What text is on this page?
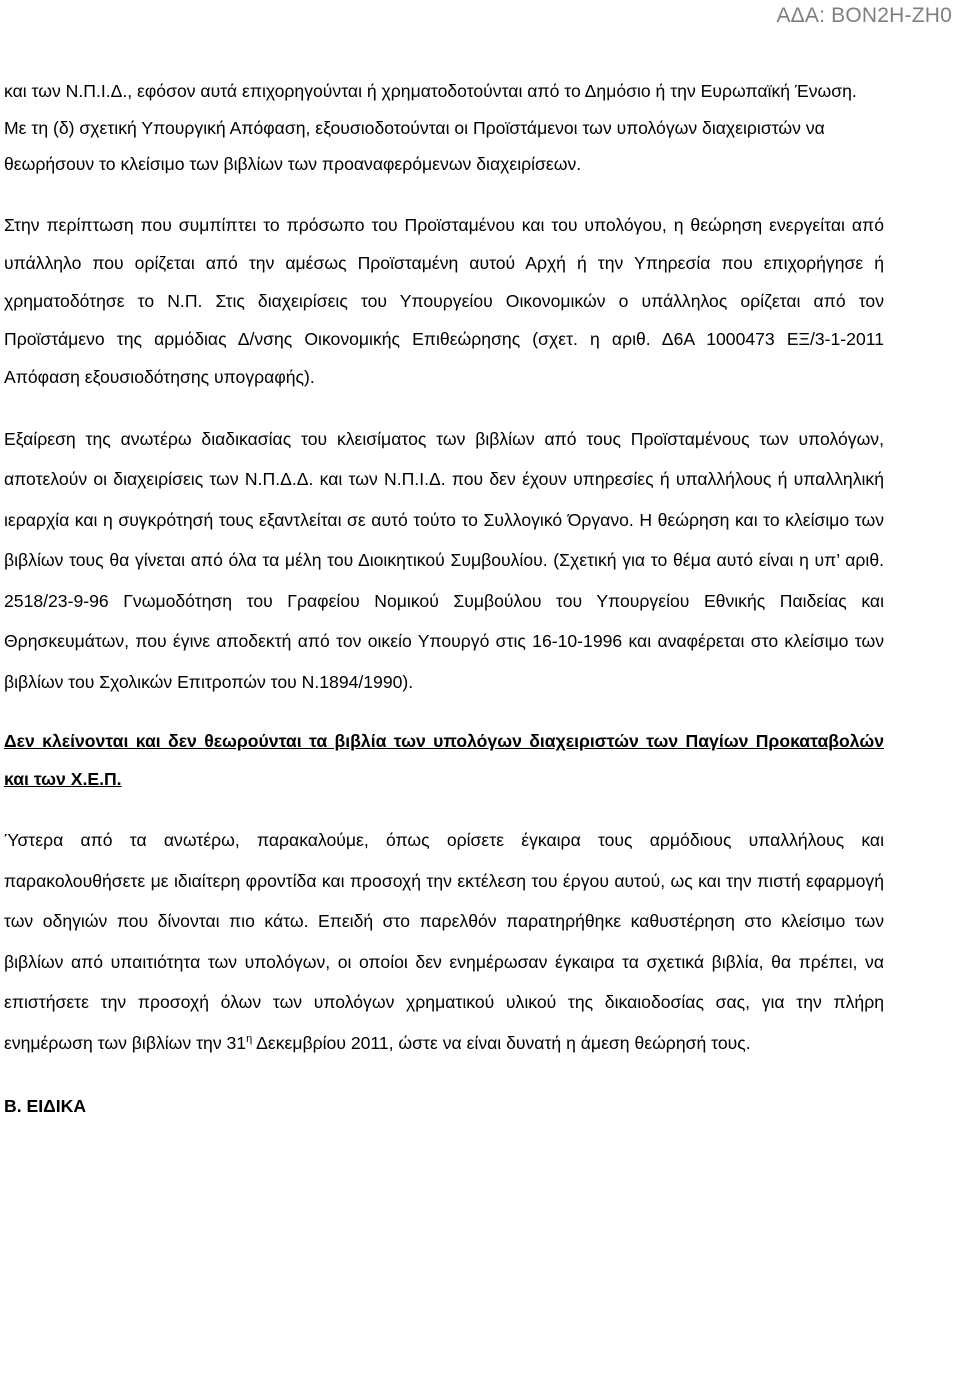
ΑΔΑ: ΒΟΝ2Η-ΖΗ0

και των Ν.Π.Ι.Δ., εφόσον αυτά επιχορηγούνται ή χρηματοδοτούνται από το Δημόσιο ή την Ευρωπαϊκή Ένωση.

Με τη (δ) σχετική Υπουργική Απόφαση, εξουσιοδοτούνται οι Προϊστάμενοι των υπολόγων διαχειριστών να θεωρήσουν το κλείσιμο των βιβλίων των προαναφερόμενων διαχειρίσεων.

Στην περίπτωση που συμπίπτει το πρόσωπο του Προϊσταμένου και του υπολόγου, η θεώρηση ενεργείται από υπάλληλο που ορίζεται από την αμέσως Προϊσταμένη αυτού Αρχή ή την Υπηρεσία που επιχορήγησε ή χρηματοδότησε το Ν.Π. Στις διαχειρίσεις του Υπουργείου Οικονομικών ο υπάλληλος ορίζεται από τον Προϊστάμενο της αρμόδιας Δ/νσης Οικονομικής Επιθεώρησης (σχετ. η αριθ. Δ6Α 1000473 ΕΞ/3-1-2011 Απόφαση εξουσιοδότησης υπογραφής).

Εξαίρεση της ανωτέρω διαδικασίας του κλεισίματος των βιβλίων από τους Προϊσταμένους των υπολόγων, αποτελούν οι διαχειρίσεις των Ν.Π.Δ.Δ. και των Ν.Π.Ι.Δ. που δεν έχουν υπηρεσίες ή υπαλλήλους ή υπαλληλική ιεραρχία και η συγκρότησή τους εξαντλείται σε αυτό τούτο το Συλλογικό Όργανο. Η θεώρηση και το κλείσιμο των βιβλίων τους θα γίνεται από όλα τα μέλη του Διοικητικού Συμβουλίου. (Σχετική για το θέμα αυτό είναι η υπ’ αριθ. 2518/23-9-96 Γνωμοδότηση του Γραφείου Νομικού Συμβούλου του Υπουργείου Εθνικής Παιδείας και Θρησκευμάτων, που έγινε αποδεκτή από τον οικείο Υπουργό στις 16-10-1996 και αναφέρεται στο κλείσιμο των βιβλίων του Σχολικών Επιτροπών του Ν.1894/1990).

Δεν κλείνονται και δεν θεωρούνται τα βιβλία των υπολόγων διαχειριστών των Παγίων Προκαταβολών και των Χ.Ε.Π.

Ύστερα από τα ανωτέρω, παρακαλούμε, όπως ορίσετε έγκαιρα τους αρμόδιους υπαλλήλους και παρακολουθήσετε με ιδιαίτερη φροντίδα και προσοχή την εκτέλεση του έργου αυτού, ως και την πιστή εφαρμογή των οδηγιών που δίνονται πιο κάτω. Επειδή στο παρελθόν παρατηρήθηκε καθυστέρηση στο κλείσιμο των βιβλίων από υπαιτιότητα των υπολόγων, οι οποίοι δεν ενημέρωσαν έγκαιρα τα σχετικά βιβλία, θα πρέπει, να επιστήσετε την προσοχή όλων των υπολόγων χρηματικού υλικού της δικαιοδοσίας σας, για την πλήρη ενημέρωση των βιβλίων την $31^\eta$ Δεκεμβρίου 2011, ώστε να είναι δυνατή η άμεση θεώρησή τους.

Β. ΕΙΔΙΚΑ
